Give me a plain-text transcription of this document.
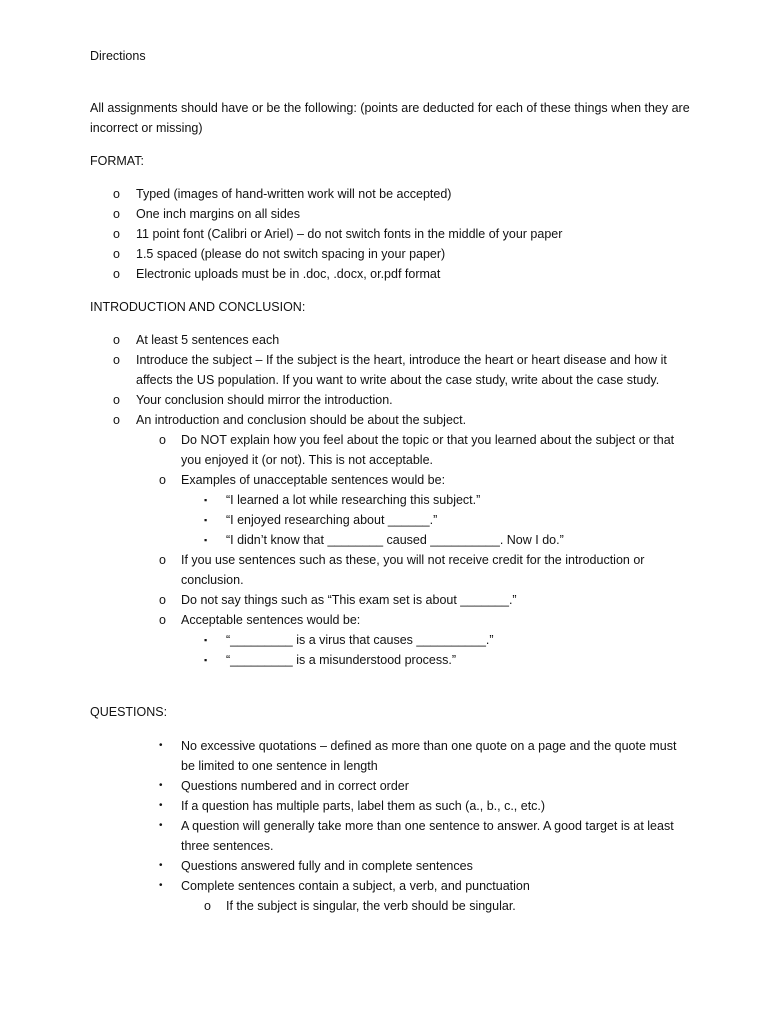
Directions
All assignments should have or be the following: (points are deducted for each of these things when they are incorrect or missing)
FORMAT:
o Typed (images of hand-written work will not be accepted)
o One inch margins on all sides
o 11 point font (Calibri or Ariel) – do not switch fonts in the middle of your paper
o 1.5 spaced (please do not switch spacing in your paper)
o Electronic uploads must be in .doc, .docx, or.pdf format
INTRODUCTION AND CONCLUSION:
o At least 5 sentences each
o Introduce the subject – If the subject is the heart, introduce the heart or heart disease and how it affects the US population. If you want to write about the case study, write about the case study.
o Your conclusion should mirror the introduction.
o An introduction and conclusion should be about the subject.
o Do NOT explain how you feel about the topic or that you learned about the subject or that you enjoyed it (or not). This is not acceptable.
o Examples of unacceptable sentences would be:
▪ “I learned a lot while researching this subject.”
▪ “I enjoyed researching about ______.”
▪ “I didn’t know that ________ caused __________. Now I do.”
o If you use sentences such as these, you will not receive credit for the introduction or conclusion.
o Do not say things such as “This exam set is about _______.”
o Acceptable sentences would be:
▪ “_________ is a virus that causes __________.”
▪ “_________ is a misunderstood process.”
QUESTIONS:
• No excessive quotations – defined as more than one quote on a page and the quote must be limited to one sentence in length
• Questions numbered and in correct order
• If a question has multiple parts, label them as such (a., b., c., etc.)
• A question will generally take more than one sentence to answer. A good target is at least three sentences.
• Questions answered fully and in complete sentences
• Complete sentences contain a subject, a verb, and punctuation
o If the subject is singular, the verb should be singular.
